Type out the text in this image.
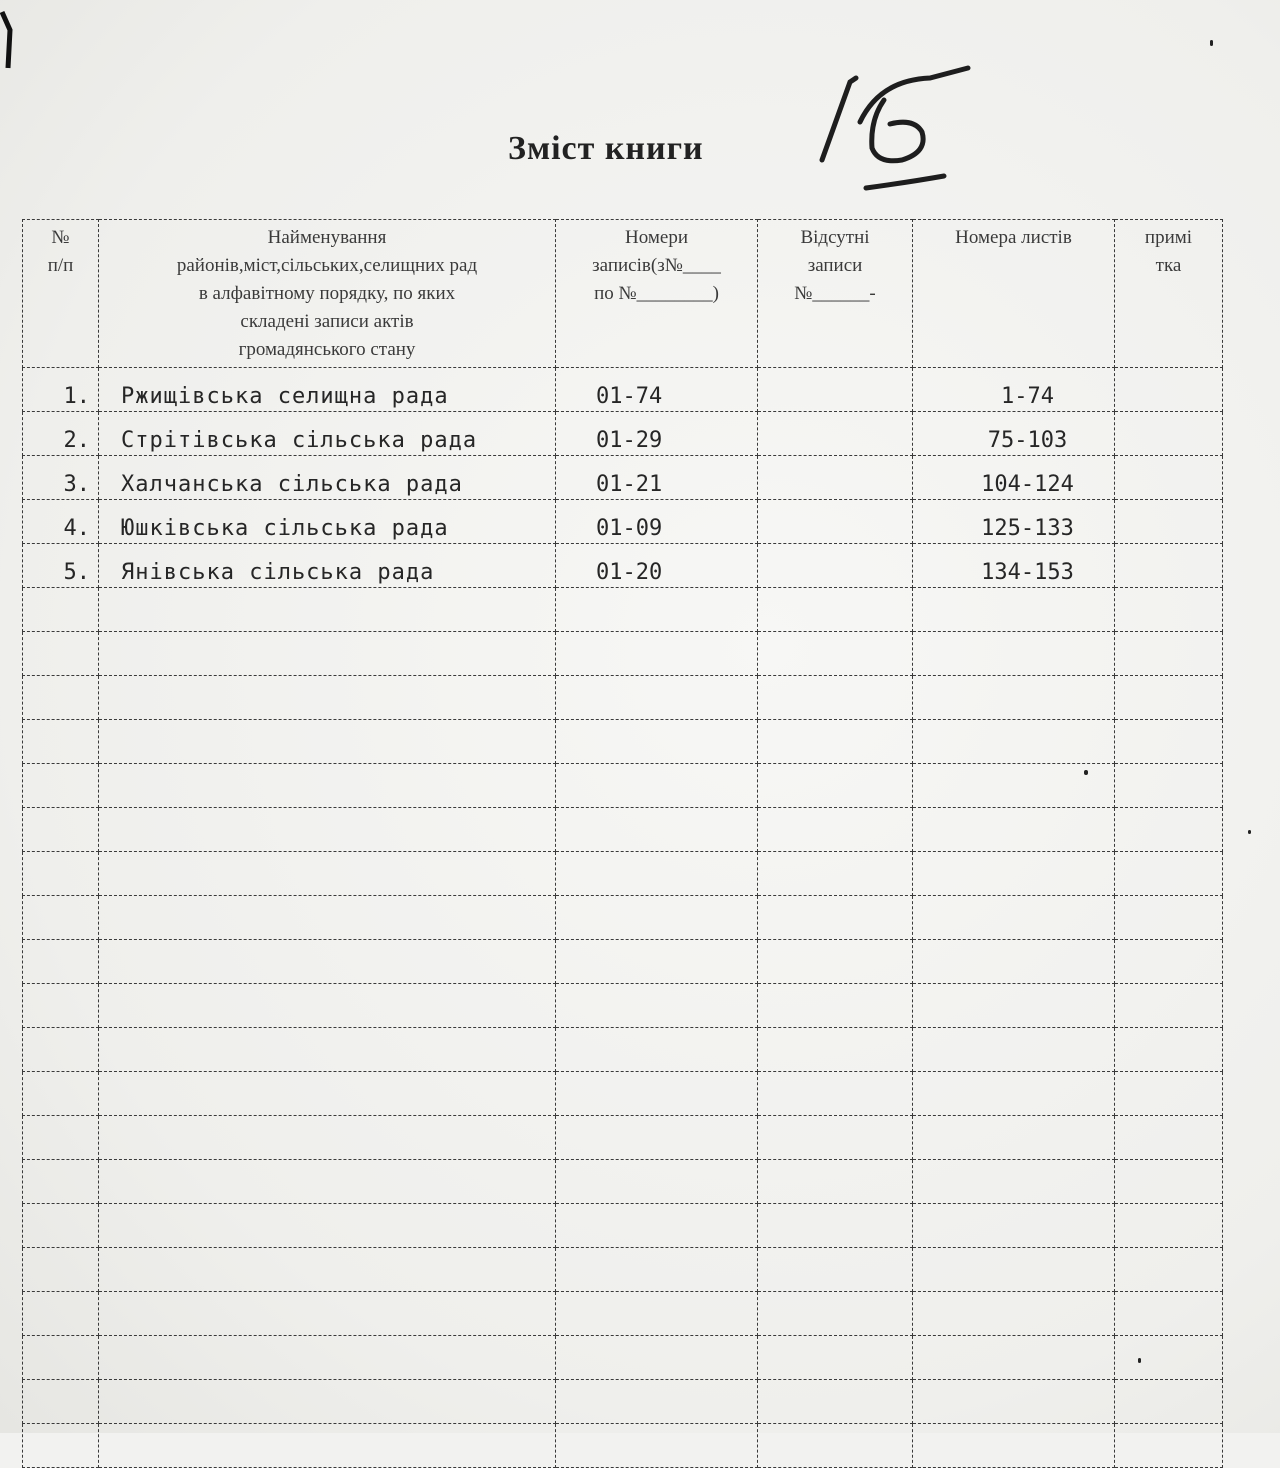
Зміст книги
№
п/п	Найменування
районів,міст,сільських,селищних рад
в алфавітному порядку, по яких
складені записи актів
громадянського стану	Номери
записів(з№____
по №________)	Відсутні
записи
№______-	Номера листів	примі
тка
1.	Ржищівська селищна рада	01-74		1-74	
2.	Стрітівська сільська рада	01-29		75-103	
3.	Халчанська сільська рада	01-21		104-124	
4.	Юшківська сільська рада	01-09		125-133	
5.	Янівська сільська рада	01-20		134-153	
